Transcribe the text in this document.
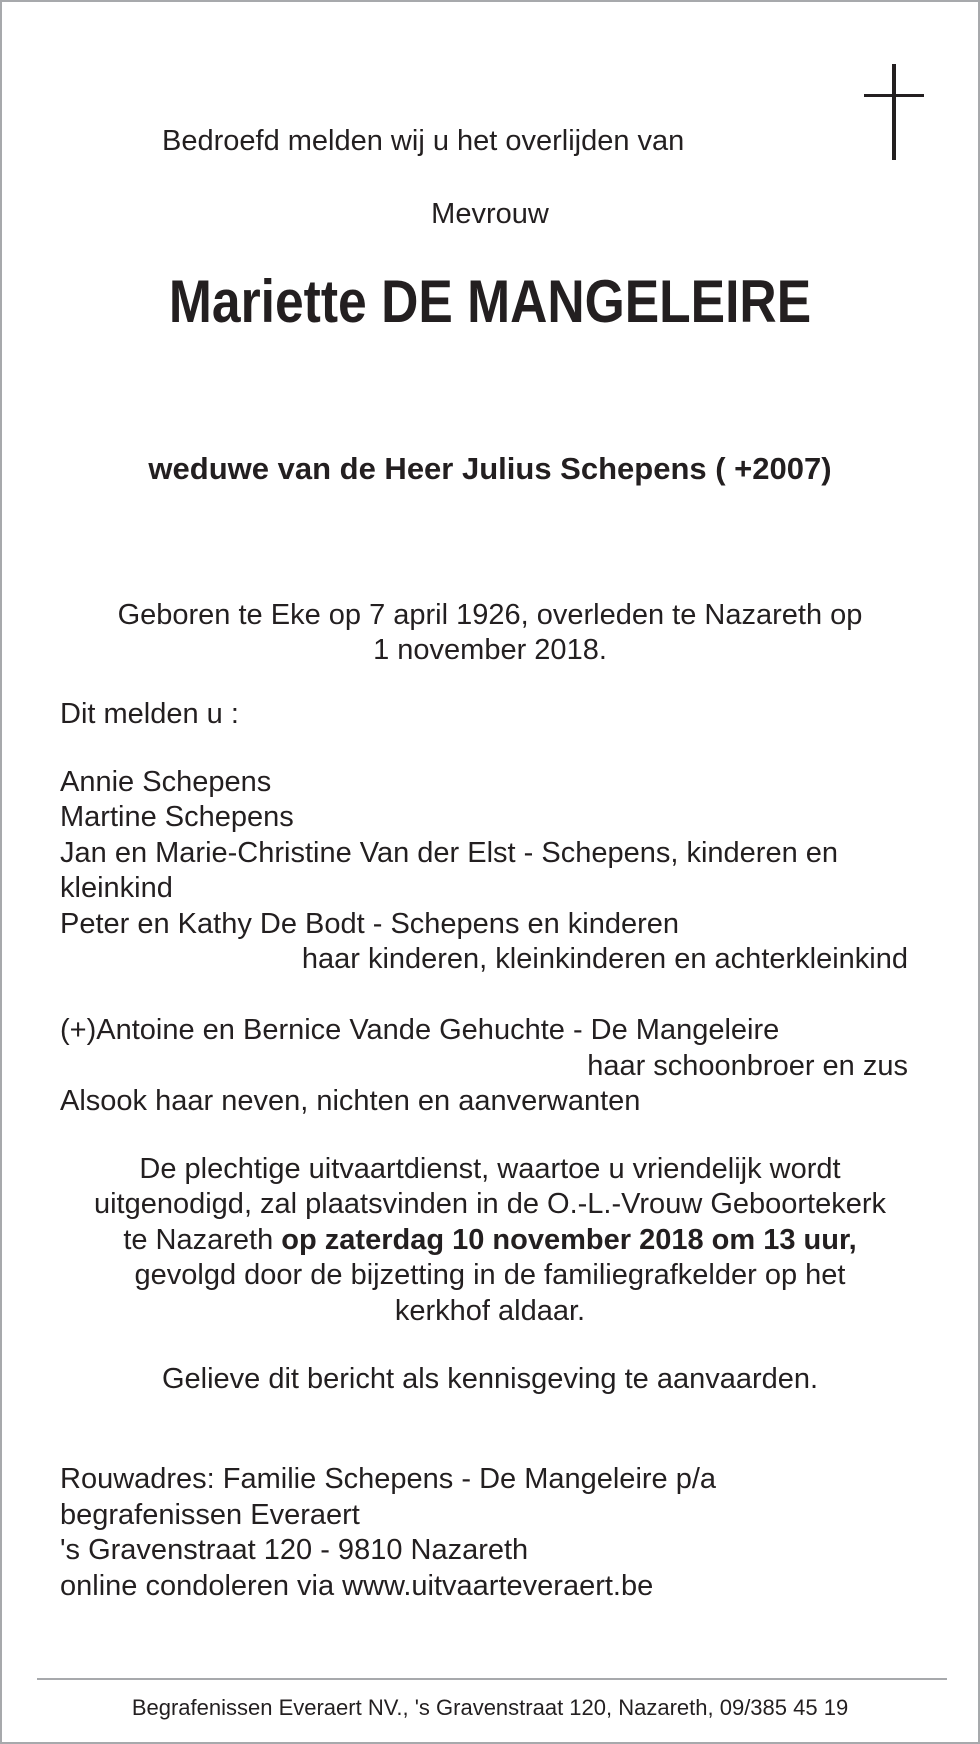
Bedroefd melden wij u het overlijden van
Mevrouw
Mariette DE MANGELEIRE
weduwe van de Heer Julius Schepens ( +2007)
Geboren te Eke op 7 april 1926, overleden te Nazareth op
1 november 2018.
Dit melden u :
Annie Schepens
Martine Schepens
Jan en Marie-Christine Van der Elst - Schepens, kinderen en
kleinkind
Peter en Kathy De Bodt - Schepens en kinderen
haar kinderen, kleinkinderen en achterkleinkind
(+)Antoine en Bernice Vande Gehuchte - De Mangeleire
haar schoonbroer en zus
Alsook haar neven, nichten en aanverwanten
De plechtige uitvaartdienst, waartoe u vriendelijk wordt
uitgenodigd, zal plaatsvinden in de O.-L.-Vrouw Geboortekerk
te Nazareth op zaterdag 10 november 2018 om 13 uur,
gevolgd door de bijzetting in de familiegrafkelder op het
kerkhof aldaar.
Gelieve dit bericht als kennisgeving te aanvaarden.
Rouwadres: Familie Schepens - De Mangeleire p/a
begrafenissen Everaert
's Gravenstraat 120 - 9810 Nazareth
online condoleren via www.uitvaarteveraert.be
Begrafenissen Everaert NV., 's Gravenstraat 120, Nazareth, 09/385 45 19
